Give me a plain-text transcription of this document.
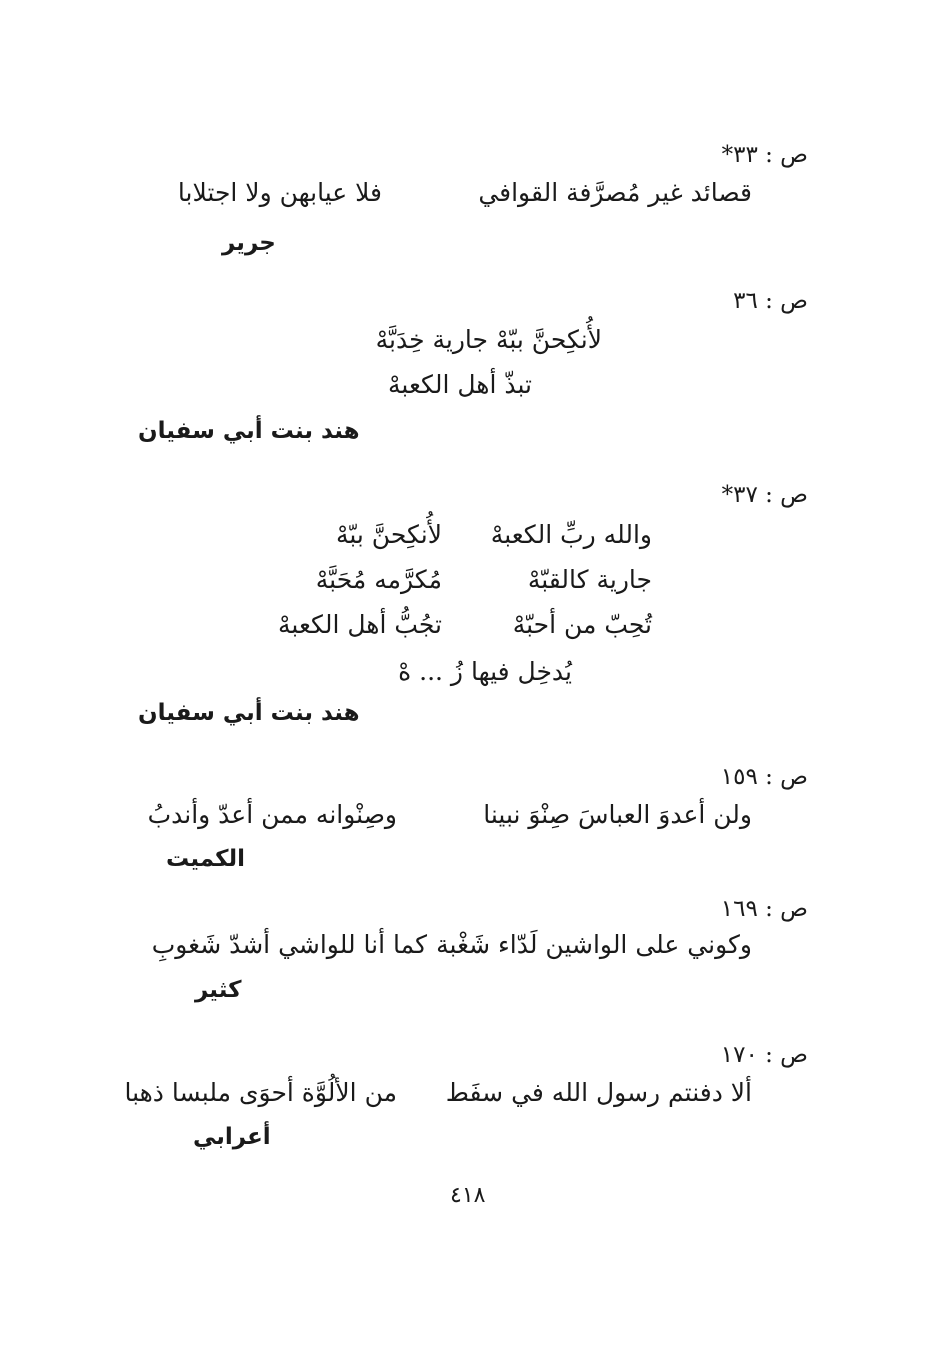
ص : ٣٣*
قصائد غير مُصرَّفة القوافي
فلا عيابهن ولا اجتلابا
جرير
ص : ٣٦
لأُنكِحنَّ ببّهْ جارية خِدَبَّهْ
تبذّ أهل الكعبهْ
هند بنت أبي سفيان
ص : ٣٧*
والله ربِّ الكعبهْ
لأُنكِحنَّ ببّهْ
جارية كالقبّهْ
مُكرَّمه مُحَبَّهْ
تُحِبّ من أحبّهْ
تجُبُّ أهل الكعبهْ
يُدخِل فيها زُ ... هْ
هند بنت أبي سفيان
ص : ١٥٩
ولن أعدوَ العباسَ صِنْوَ نبينا
وصِنْوانه ممن أعدّ وأندبُ
الكميت
ص : ١٦٩
وكوني على الواشين لَدّاء شَغْبة
كما أنا للواشي أشدّ شَغوبِ
كثير
ص : ١٧٠
ألا دفنتم رسول الله في سفَط
من الألُوَّة أحوَى ملبسا ذهبا
أعرابي
٤١٨
